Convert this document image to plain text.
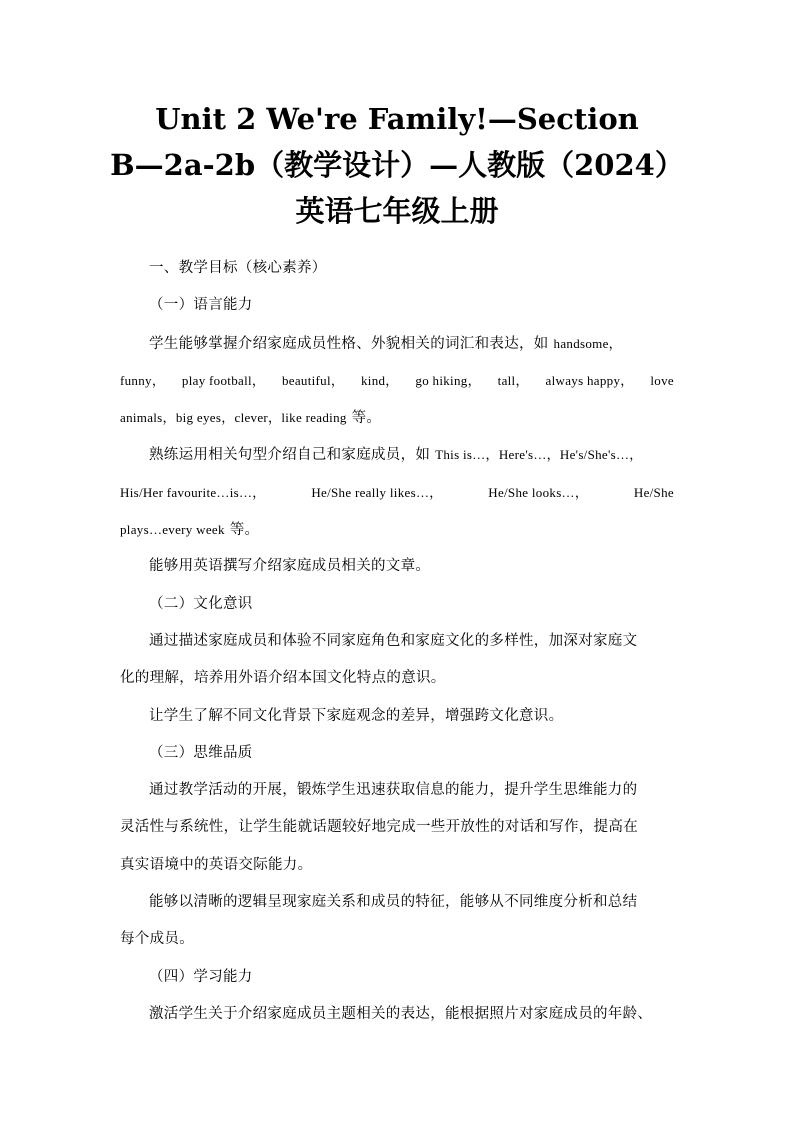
Unit 2 We're Family!—Section
B—2a-2b（教学设计）—人教版（2024）
英语七年级上册
一、教学目标（核心素养）
（一）语言能力
学生能够掌握介绍家庭成员性格、外貌相关的词汇和表达，如 handsome，
funny， play football， beautiful， kind， go hiking， tall， always happy， love
animals，big eyes，clever，like reading 等。
熟练运用相关句型介绍自己和家庭成员，如 This is…，Here's…，He's/She's…，
His/Her favourite…is…，	He/She really likes…，	He/She looks…，	He/She
plays…every week 等。
能够用英语撰写介绍家庭成员相关的文章。
（二）文化意识
通过描述家庭成员和体验不同家庭角色和家庭文化的多样性，加深对家庭文
化的理解，培养用外语介绍本国文化特点的意识。
让学生了解不同文化背景下家庭观念的差异，增强跨文化意识。
（三）思维品质
通过教学活动的开展，锻炼学生迅速获取信息的能力，提升学生思维能力的
灵活性与系统性，让学生能就话题较好地完成一些开放性的对话和写作，提高在
真实语境中的英语交际能力。
能够以清晰的逻辑呈现家庭关系和成员的特征，能够从不同维度分析和总结
每个成员。
（四）学习能力
激活学生关于介绍家庭成员主题相关的表达，能根据照片对家庭成员的年龄、
